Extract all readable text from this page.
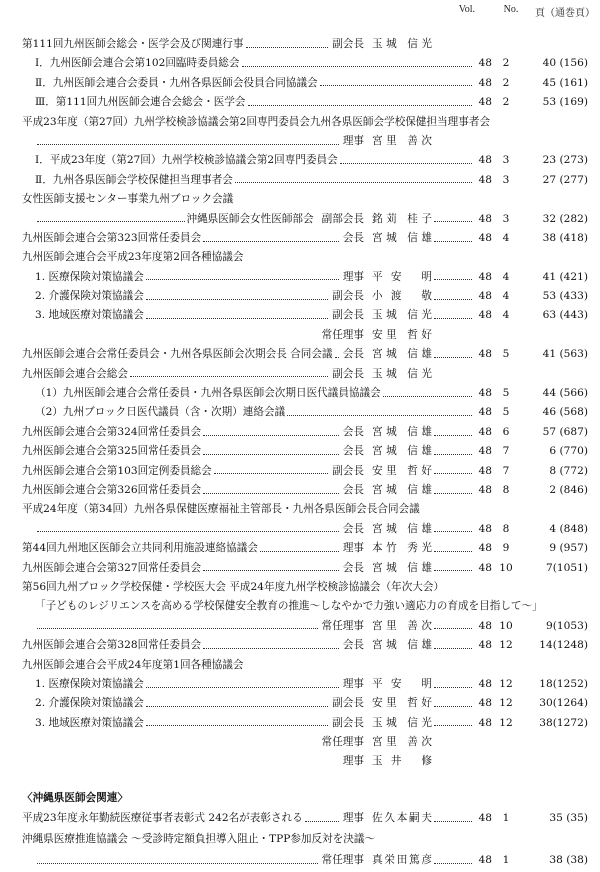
Vol.	No.	頁（通巻頁）
第111回九州医師会総会・医学会及び関連行事	副会長 玉城 信光
Ⅰ．九州医師会連合会第102回臨時委員総会	48	2	40 (156)
Ⅱ．九州医師会連合会委員・九州各県医師会役員合同協議会	48	2	45 (161)
Ⅲ．第111回九州医師会連合会総会・医学会	48	2	53 (169)
平成23年度（第27回）九州学校検診協議会第2回専門委員会九州各県医師会学校保健担当理事者会
理事 宮里 善次
Ⅰ．平成23年度（第27回）九州学校検診協議会第2回専門委員会	48	3	23 (273)
Ⅱ．九州各県医師会学校保健担当理事者会	48	3	27 (277)
女性医師支援センター事業九州ブロック会議
沖縄県医師会女性医師部会 副部会長 銘苅 桂子	48	3	32 (282)
九州医師会連合会第323回常任委員会	会長 宮城 信雄	48	4	38 (418)
九州医師会連合会平成23年度第2回各種協議会
1. 医療保険対策協議会	理事 平安 明	48	4	41 (421)
2. 介護保険対策協議会	副会長 小渡 敬	48	4	53 (433)
3. 地域医療対策協議会	副会長 玉城 信光	48	4	63 (443)
常任理事 安里 哲好
九州医師会連合会常任委員会・九州各県医師会次期会長 合同会議 会長 宮城 信雄	48	5	41 (563)
九州医師会連合会総会	副会長 玉城 信光
（1）九州医師会連合会常任委員・九州各県医師会次期日医代議員協議会	48	5	44 (566)
（2）九州ブロック日医代議員（含・次期）連絡会議	48	5	46 (568)
九州医師会連合会第324回常任委員会	会長 宮城 信雄	48	6	57 (687)
九州医師会連合会第325回常任委員会	会長 宮城 信雄	48	7	6 (770)
九州医師会連合会第103回定例委員総会	副会長 安里 哲好	48	7	8 (772)
九州医師会連合会第326回常任委員会	会長 宮城 信雄	48	8	2 (846)
平成24年度（第34回）九州各県保健医療福祉主管部長・九州各県医師会長合同会議
会長 宮城 信雄	48	8	4 (848)
第44回九州地区医師会立共同利用施設連絡協議会	理事 本竹 秀光	48	9	9 (957)
九州医師会連合会第327回常任委員会	会長 宮城 信雄	48 10	7(1051)
第56回九州ブロック学校保健・学校医大会 平成24年度九州学校検診協議会（年次大会）
「子どものレジリエンスを高める学校保健安全教育の推進～しなやかで力強い適応力の育成を目指して～」
常任理事 宮里 善次	48 10	9(1053)
九州医師会連合会第328回常任委員会	会長 宮城 信雄	48 12	14(1248)
九州医師会連合会平成24年度第1回各種協議会
1. 医療保険対策協議会	理事 平安 明	48 12	18(1252)
2. 介護保険対策協議会	副会長 安里 哲好	48 12	30(1264)
3. 地域医療対策協議会	副会長 玉城 信光	48 12	38(1272)
常任理事 宮里 善次
理事 玉井 修
〈沖縄県医師会関連〉
平成23年度永年勤続医療従事者表彰式 242名が表彰される	理事 佐久本嗣夫	48	1	35 (35)
沖縄県医療推進協議会 ～受診時定額負担導入阻止・TPP参加反対を決議～
常任理事 真栄田篤彦	48	1	38 (38)
